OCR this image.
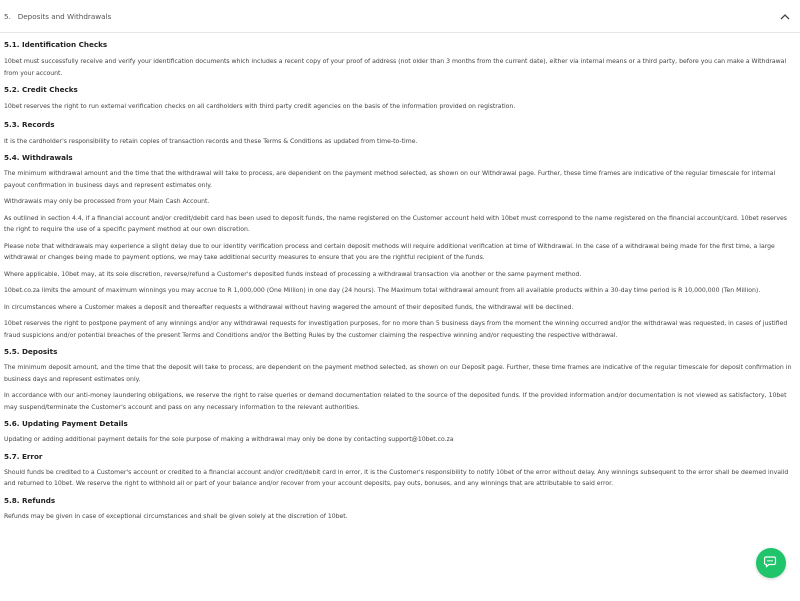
5.   Deposits and Withdrawals

5.1. Identification Checks

10bet must successfully receive and verify your identification documents which includes a recent copy of your proof of address (not older than 3 months from the current date), either via internal means or a third party, before you can make a Withdrawal from your account.

5.2. Credit Checks

10bet reserves the right to run external verification checks on all cardholders with third party credit agencies on the basis of the information provided on registration.

5.3. Records

It is the cardholder's responsibility to retain copies of transaction records and these Terms & Conditions as updated from time-to-time.

5.4. Withdrawals

The minimum withdrawal amount and the time that the withdrawal will take to process, are dependent on the payment method selected, as shown on our Withdrawal page. Further, these time frames are indicative of the regular timescale for internal payout confirmation in business days and represent estimates only.

Withdrawals may only be processed from your Main Cash Account.

As outlined in section 4.4, if a financial account and/or credit/debit card has been used to deposit funds, the name registered on the Customer account held with 10bet must correspond to the name registered on the financial account/card. 10bet reserves the right to require the use of a specific payment method at our own discretion.

Please note that withdrawals may experience a slight delay due to our identity verification process and certain deposit methods will require additional verification at time of Withdrawal. In the case of a withdrawal being made for the first time, a large withdrawal or changes being made to payment options, we may take additional security measures to ensure that you are the rightful recipient of the funds.

Where applicable, 10bet may, at its sole discretion, reverse/refund a Customer's deposited funds instead of processing a withdrawal transaction via another or the same payment method.

10bet.co.za limits the amount of maximum winnings you may accrue to R 1,000,000 (One Million) in one day (24 hours). The Maximum total withdrawal amount from all available products within a 30-day time period is R 10,000,000 (Ten Million).

In circumstances where a Customer makes a deposit and thereafter requests a withdrawal without having wagered the amount of their deposited funds, the withdrawal will be declined.

10bet reserves the right to postpone payment of any winnings and/or any withdrawal requests for investigation purposes, for no more than 5 business days from the moment the winning occurred and/or the withdrawal was requested, in cases of justified fraud suspicions and/or potential breaches of the present Terms and Conditions and/or the Betting Rules by the customer claiming the respective winning and/or requesting the respective withdrawal.

5.5. Deposits

The minimum deposit amount, and the time that the deposit will take to process, are dependent on the payment method selected, as shown on our Deposit page. Further, these time frames are indicative of the regular timescale for deposit confirmation in business days and represent estimates only.

In accordance with our anti-money laundering obligations, we reserve the right to raise queries or demand documentation related to the source of the deposited funds. If the provided information and/or documentation is not viewed as satisfactory, 10bet may suspend/terminate the Customer's account and pass on any necessary information to the relevant authorities.

5.6. Updating Payment Details

Updating or adding additional payment details for the sole purpose of making a withdrawal may only be done by contacting support@10bet.co.za

5.7. Error

Should funds be credited to a Customer's account or credited to a financial account and/or credit/debit card in error, it is the Customer's responsibility to notify 10bet of the error without delay. Any winnings subsequent to the error shall be deemed invalid and returned to 10bet. We reserve the right to withhold all or part of your balance and/or recover from your account deposits, pay outs, bonuses, and any winnings that are attributable to said error.

5.8. Refunds

Refunds may be given in case of exceptional circumstances and shall be given solely at the discretion of 10bet.
